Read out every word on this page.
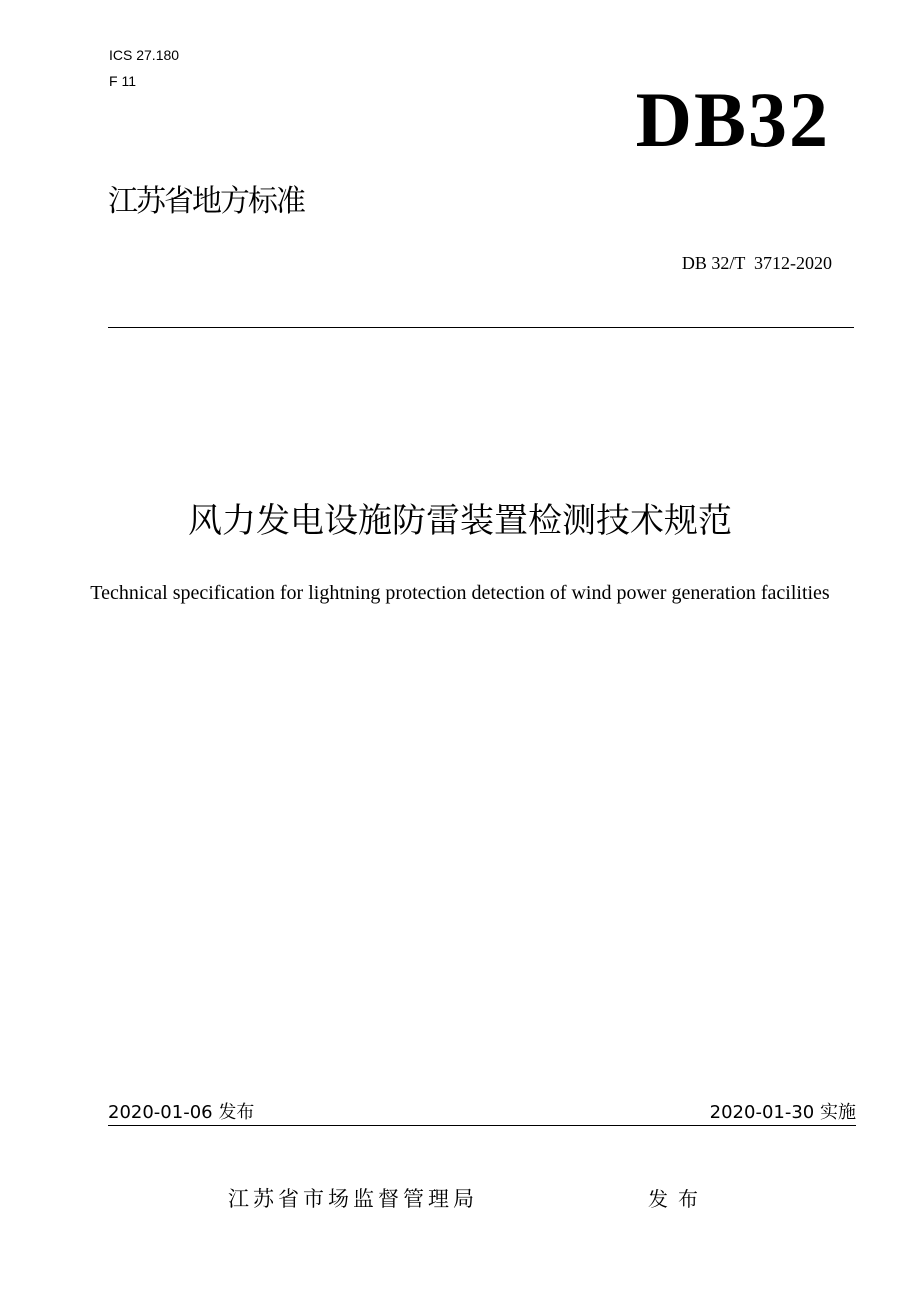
ICS 27.180
F 11	DB32
江苏省地方标准
DB 32/T  3712-2020
风力发电设施防雷装置检测技术规范
Technical specification for lightning protection detection of wind power generation facilities
2020-01-06 发布	2020-01-30 实施
江苏省市场监督管理局	发布
